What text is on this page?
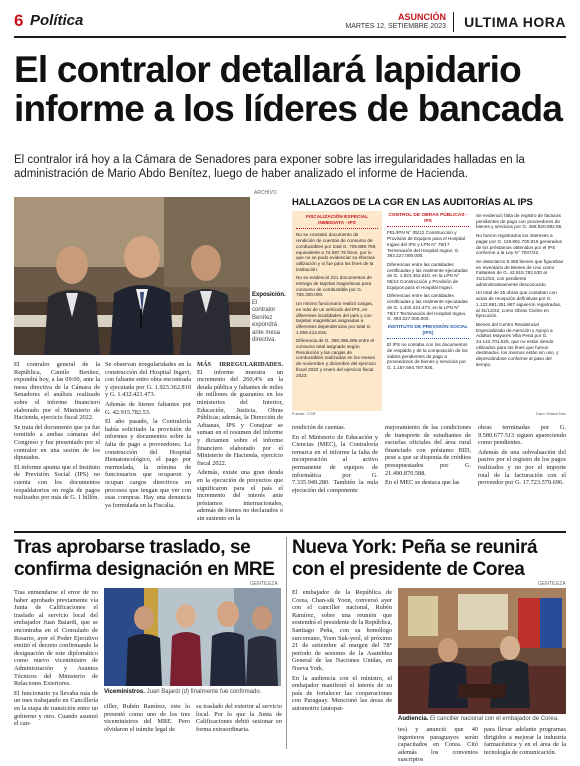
6 Política	ASUNCIÓN
MARTES 12, SETIEMBRE 2023 ULTIMA HORA
El contralor detallará lapidario informe a los líderes de bancada

El contralor irá hoy a la Cámara de Senadores para exponer sobre las irregularidades halladas en la administración de Mario Abdo Benítez, luego de haber analizado el informe de Hacienda.

ARCHIVO
Exposición. El contralor Benítez expondrá ante mesa directiva.

El contralor general de la República, Camilo Benítez, expondrá hoy, a las 09:00, ante la mesa directiva de la Cámara de Senadores el análisis realizado sobre el informe financiero elaborado por el Ministerio de Hacienda, ejercicio fiscal 2022.

Se trata del documento que ya fue remitido a ambas cámaras del Congreso y fue presentado por el contralor en una sesión de los diputados.

El informe apunta que el Instituto de Previsión Social (IPS) no cuenta con los documentos respaldatorios en regla de pagos realizados por más de G. 1 billón.

Se observan irregularidades en la construcción del Hospital Ingavi, con faltante entre obra encontrada y ejecutada por G. 1.923.362.810 y G. 1.432.421.473.

Además de bienes faltantes por G. 42.915.782.53.

El año pasado, la Contraloría había solicitado la provisión de informes y documentos sobre la falta de pago a proveedores. La construcción del Hospital Hematoncológico, el pago por mermelada, la nómina de funcionarios que ocuparon y ocupan cargos directivos en procesos que tengan que ver con esas compras. Hay una denuncia ya formulada en la Fiscalía.

MÁS IRREGULARIDADES. El informe muestra un incremento del 260,4% en la deuda pública y faltantes de miles de millones de guaraníes en los ministerios del Interior, Educación, Justicia, Obras Públicas; además, la Dirección de Aduanas, IPS y Conajzar se suman en el resumen del informe y dictamen sobre el informe financiero elaborado por el Ministerio de Hacienda, ejercicio fiscal 2022.

Además, existe una gran deuda en la ejecución de proyectos que significaron para el país el incremento del interés ante préstamos internacionales, además de bienes no declarados o sin sustento en la

rendición de cuentas.

En el Ministerio de Educación y Ciencias (MEC), la Contraloría remarca en el informe la falta de incorporación al activo permanente de equipos de informática por G. 7.335.949.280. También la nula ejecución del componente

mejoramiento de las condiciones de transporte de estudiantes de escuelas oficiales del área rural financiado con préstamo BID, pese a que se disponía de créditos presupuestados por G. 21.490.870.588.

En el MEC se destaca que las

obras terminadas por G. 9.580.677.513 siguen apareciendo como pendientes.

Además de una subvaluación del pasivo por el registro de los pagos realizados y no por el importe total de la facturación con el proveedor por G. 17.723.579.696.

HALLAZGOS DE LA CGR EN LAS AUDITORÍAS AL IPS
FISCALIZACIÓN ESPECIAL INMEDIATA - IPS

No se constató documento de rendición de cuentas de consumo de combustibles por total G. 705.888.769, equivalente a 74.087,76 litros, por lo que no se pudo evidenciar su efectiva utilización y si fue para los fines de la institución.

No se evidenció 221 documentos de entrega de tarjetas magnéticas para consumo de combustible por G. 765.300.000.

Un mismo funcionario realizó cargas, en más de un vehículo del IPS, en diferentes localidades del país y con tarjetas magnéticas asignadas a diferentes dependencias por total G. 1.059.412.815.

Diferencia de G. 360.396.286 entre el consumo total asignado según Resolución y las cargas de combustibles realizadas en los meses de noviembre y diciembre del ejercicio fiscal 2022 y enero del ejercicio fiscal 2023.

CONTROL DE OBRAS PÚBLICAS - IPS

FEL/IPN N° 05/12 Construcción y Provisión de Equipos para el Hospital Ingavi del IPS y LPN N° 79/17 Terminación del Hospital Ingavi, G. 393.227.000.000.

Diferencias entre las cantidades certificadas y las realmente ejecutadas de G. 1.923.362.810, en la LPN N° 05/12 Construcción y Provisión de Equipos para el Hospital Ingavi.

Diferencias entre las cantidades certificadas y las realmente ejecutadas de G. 1.432.421.473, en la LPN N° 79/17 Terminación del Hospital Ingavi, G. 393.227.000.000.

INSTITUTO DE PREVISIÓN SOCIAL (IPS)

El IPS no contaba con los documentos de respaldo y de la composición de los saldos pendientes de pago a proveedores de bienes y servicios por G. 1.157.694.787.925.

Se evidenció falta de registro de facturas pendientes de pago con proveedores de bienes y servicios por G. 458.920.082.86.

No fueron registrados los intereses a pagar por G. 119.891.700.915 generados de los préstamos obtenidos por el IPS conforme a la Ley N° 7037/22.

Se detectaron 9.355 bienes que figuraban en Inventario de Bienes de Uso como Faltantes de G. 42.915.782.530 al 31/12/22, con pendiente administrativamente desconocido.

Un total de 25 obras que contaban con actas de recepción definitivas por G. 1.122.881.351.987 siguieron registradas, al 31/12/22, como Obras Civiles en Ejecución.

Bienes del Centro Residencial Especializado de Atención y Apoyo a Adultos Mayores Villa Pena por G. 24.142.701.526, que no están siendo utilizados para los fines que fueron destinados, los mismos están sin uso, y depreciándose conforme al paso del tiempo.

Fuente: CGR	Daro Ybarra Nox
Tras aprobarse traslado, se confirma designación en MRE
GENTILEZA

Tras enmendarse el error de no haber aprobado previamente vía Junta de Calificaciones el traslado al servicio local del embajador Juan Baiardi, que se encontraba en el Consulado de Rosario, ayer el Poder Ejecutivo emitió el decreto confirmando la designación de este diplomático como nuevo viceministro de Administración y Asuntos Técnicos del Ministerio de Relaciones Exteriores.

El funcionario ya llevaba más de un mes trabajando en Cancillería en la etapa de transición entre un gobierno y otro. Cuando asumió el can-

Viceministros. Juan Bajardi (d) finalmente fue confirmado.

ciller, Rubén Ramírez, este lo presentó como uno de los tres viceministros del MRE. Pero olvidaron el trámite legal de

su traslado del exterior al servicio local. Por lo que la Junta de Calificaciones debió sesionar en forma extraordinaria.

Nueva York: Peña se reunirá con el presidente de Corea
GENTILEZA

El embajador de la República de Corea, Chan-sik Yoon, conversó ayer con el canciller nacional, Rubén Ramírez, sobre una reunión que sostendrá el presidente de la República, Santiago Peña, con su homólogo surcoreano, Yoon Suk-yeol, el próximo 21 de setiembre al margen del 78° período de sesiones de la Asamblea General de las Naciones Unidas, en Nueva York.

En la audiencia con el ministro, el embajador manifestó el interés de su país de fortalecer las cooperaciones con Paraguay. Mencionó las áreas de automotriz (autopar-

Audiencia. El canciller nacional con el embajador de Corea.

tes) y anunció que 40 ingenieros paraguayos serán capacitados en Corea. Citó además los convenios suscriptos

para llevar adelante programas dirigidos a mejorar la industria farmacéutica y en el área de la tecnología de comunicación.
